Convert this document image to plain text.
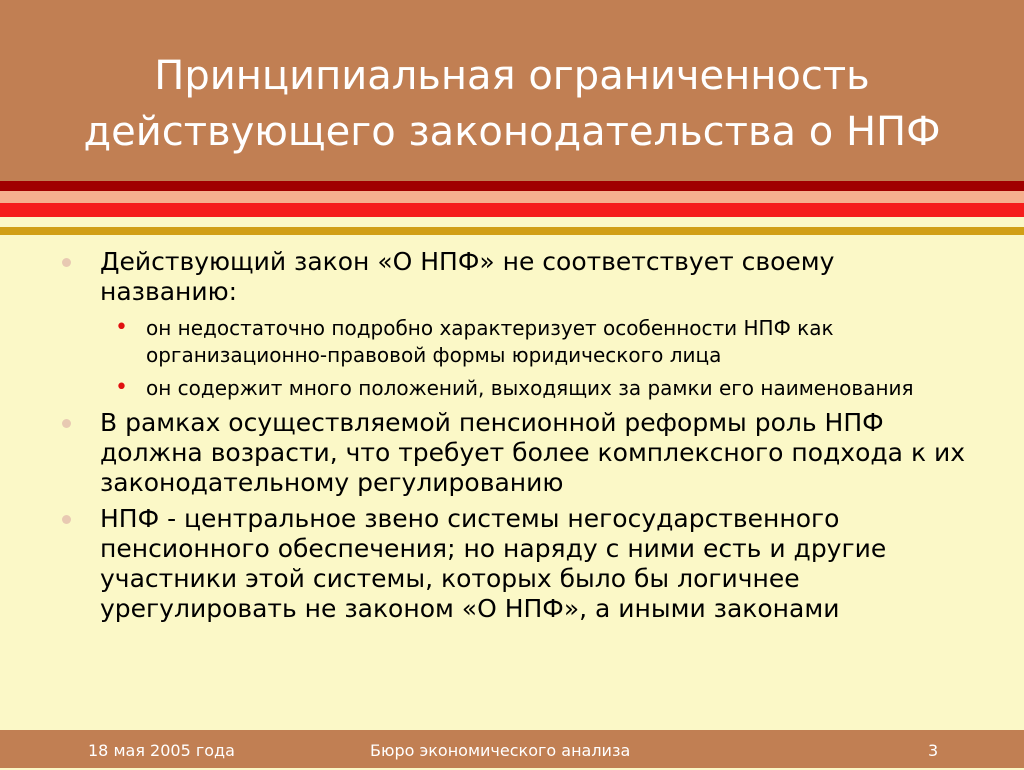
Принципиальная ограниченность
действующего законодательства о НПФ
Действующий закон «О НПФ» не соответствует своему названию:
• он недостаточно подробно характеризует особенности НПФ как организационно-правовой формы юридического лица
• он содержит много положений, выходящих за рамки его наименования
В рамках осуществляемой пенсионной реформы роль НПФ должна возрасти, что требует более комплексного подхода к их законодательному регулированию
НПФ - центральное звено системы негосударственного пенсионного обеспечения; но наряду с ними есть и другие участники этой системы, которых было бы логичнее урегулировать не законом «О НПФ», а иными законами
18 мая 2005 года	Бюро экономического анализа	3
